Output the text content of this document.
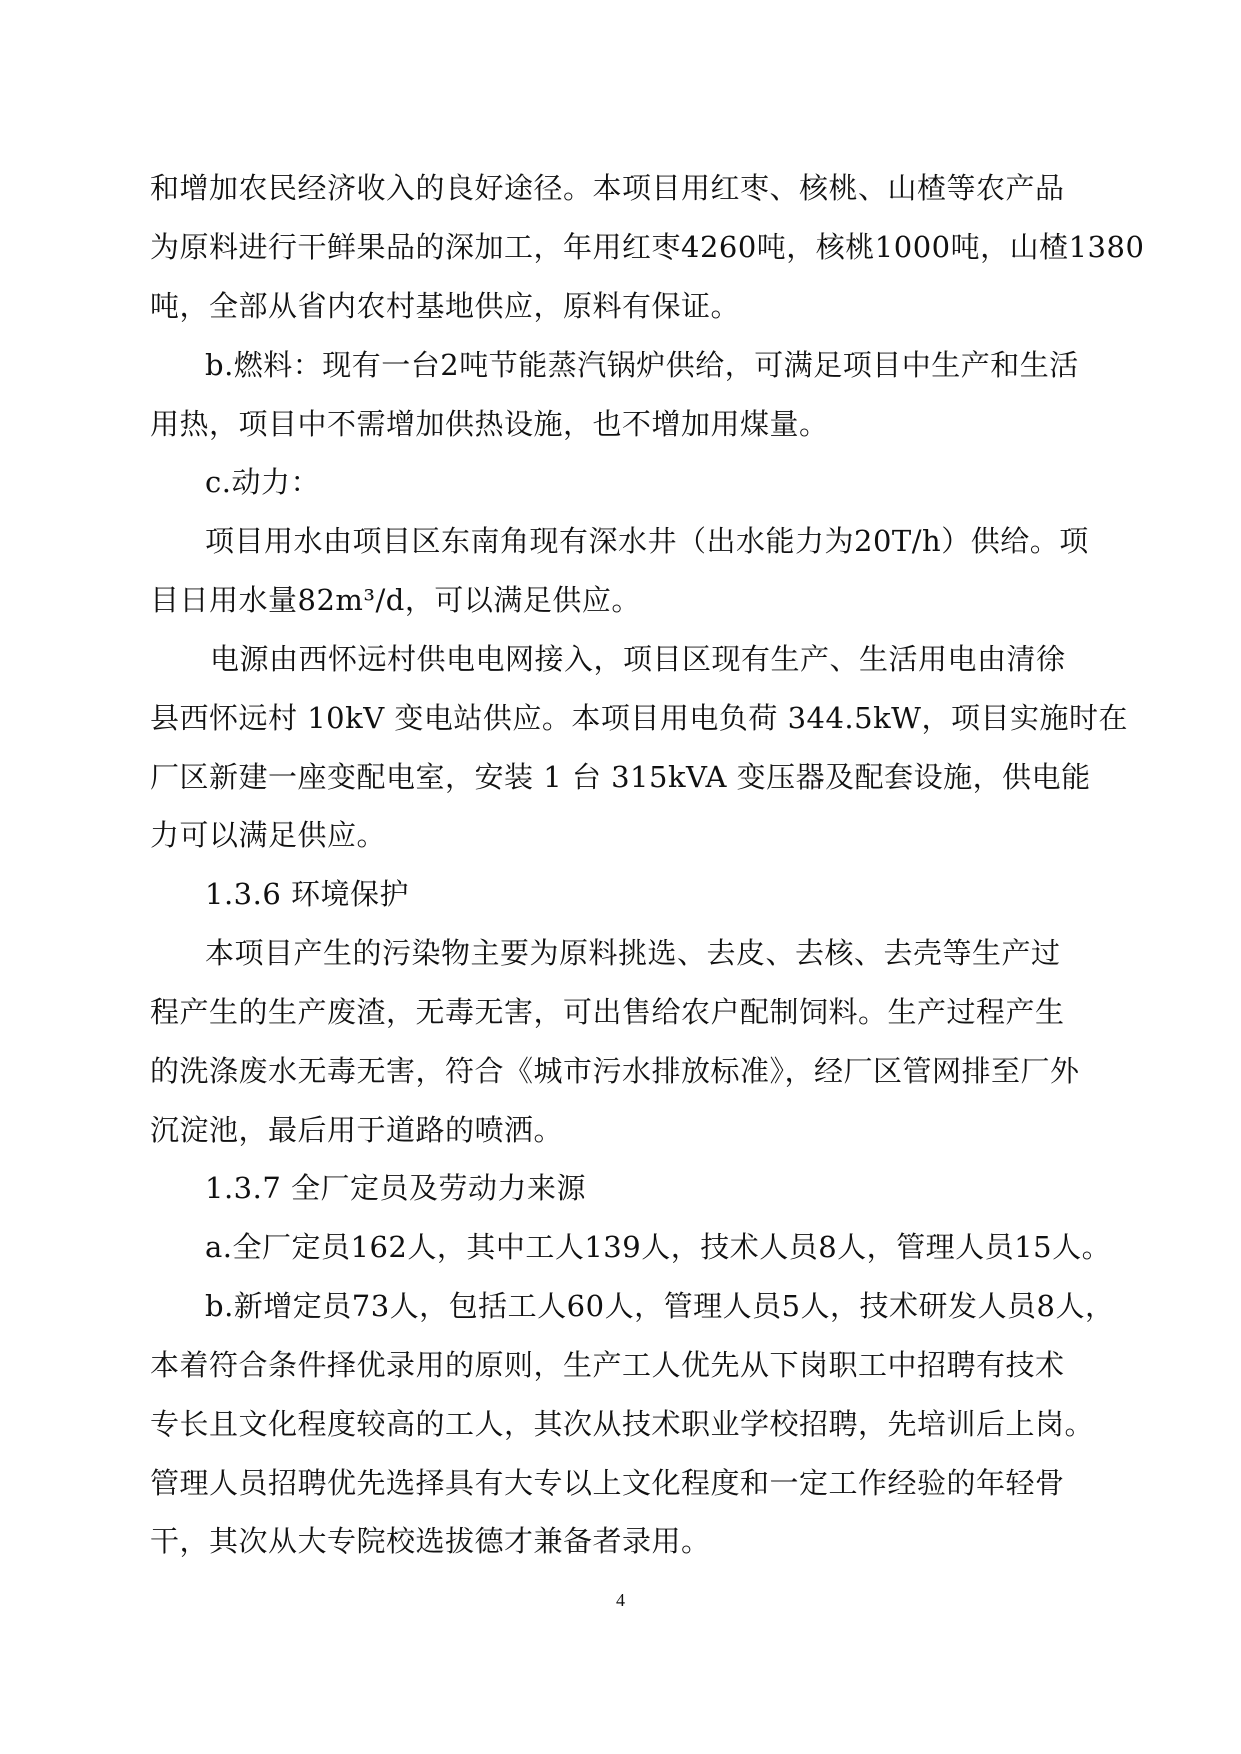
和增加农民经济收入的良好途径。本项目用红枣、核桃、山楂等农产品
为原料进行干鲜果品的深加工，年用红枣4260吨，核桃1000吨，山楂1380
吨，全部从省内农村基地供应，原料有保证。
b.燃料：现有一台2吨节能蒸汽锅炉供给，可满足项目中生产和生活
用热，项目中不需增加供热设施，也不增加用煤量。
c.动力：
项目用水由项目区东南角现有深水井（出水能力为20T/h）供给。项
目日用水量82m³/d，可以满足供应。
电源由西怀远村供电电网接入，项目区现有生产、生活用电由清徐
县西怀远村 10kV 变电站供应。本项目用电负荷 344.5kW，项目实施时在
厂区新建一座变配电室，安装 1 台 315kVA 变压器及配套设施，供电能
力可以满足供应。
1.3.6 环境保护
本项目产生的污染物主要为原料挑选、去皮、去核、去壳等生产过
程产生的生产废渣，无毒无害，可出售给农户配制饲料。生产过程产生
的洗涤废水无毒无害，符合《城市污水排放标准》，经厂区管网排至厂外
沉淀池，最后用于道路的喷洒。
1.3.7 全厂定员及劳动力来源
a.全厂定员162人，其中工人139人，技术人员8人，管理人员15人。
b.新增定员73人，包括工人60人，管理人员5人，技术研发人员8人，
本着符合条件择优录用的原则，生产工人优先从下岗职工中招聘有技术
专长且文化程度较高的工人，其次从技术职业学校招聘，先培训后上岗。
管理人员招聘优先选择具有大专以上文化程度和一定工作经验的年轻骨
干，其次从大专院校选拔德才兼备者录用。
4
